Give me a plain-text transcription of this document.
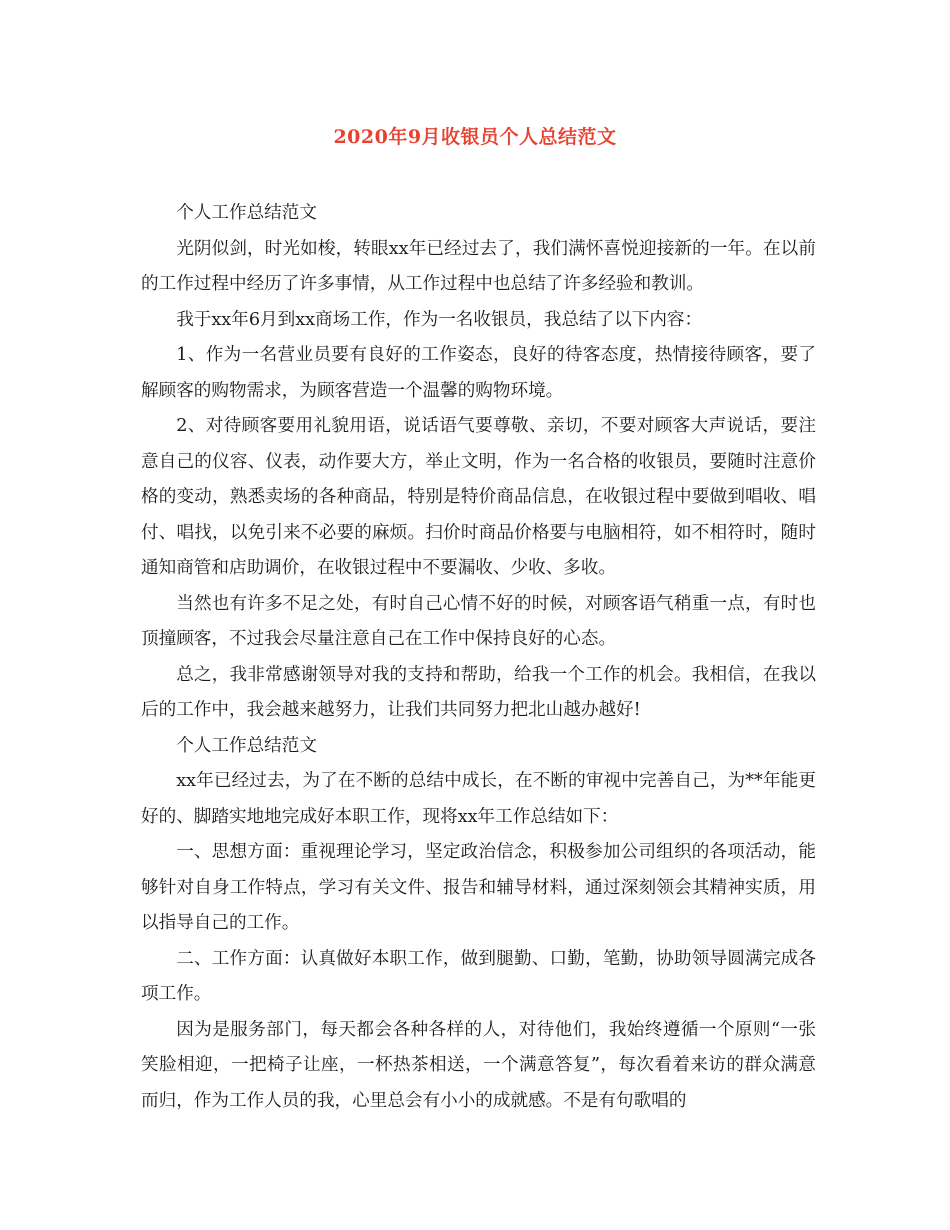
2020年9月收银员个人总结范文

个人工作总结范文

光阴似剑，时光如梭，转眼xx年已经过去了，我们满怀喜悦迎接新的一年。在以前的工作过程中经历了许多事情，从工作过程中也总结了许多经验和教训。

我于xx年6月到xx商场工作，作为一名收银员，我总结了以下内容：

1、作为一名营业员要有良好的工作姿态，良好的待客态度，热情接待顾客，要了解顾客的购物需求，为顾客营造一个温馨的购物环境。

2、对待顾客要用礼貌用语，说话语气要尊敬、亲切，不要对顾客大声说话，要注意自己的仪容、仪表，动作要大方，举止文明，作为一名合格的收银员，要随时注意价格的变动，熟悉卖场的各种商品，特别是特价商品信息，在收银过程中要做到唱收、唱付、唱找，以免引来不必要的麻烦。扫价时商品价格要与电脑相符，如不相符时，随时通知商管和店助调价，在收银过程中不要漏收、少收、多收。

当然也有许多不足之处，有时自己心情不好的时候，对顾客语气稍重一点，有时也顶撞顾客，不过我会尽量注意自己在工作中保持良好的心态。

总之，我非常感谢领导对我的支持和帮助，给我一个工作的机会。我相信，在我以后的工作中，我会越来越努力，让我们共同努力把北山越办越好!

个人工作总结范文

xx年已经过去，为了在不断的总结中成长，在不断的审视中完善自己，为**年能更好的、脚踏实地地完成好本职工作，现将xx年工作总结如下：

一、思想方面：重视理论学习，坚定政治信念，积极参加公司组织的各项活动，能够针对自身工作特点，学习有关文件、报告和辅导材料，通过深刻领会其精神实质，用以指导自己的工作。

二、工作方面：认真做好本职工作，做到腿勤、口勤，笔勤，协助领导圆满完成各项工作。

因为是服务部门，每天都会各种各样的人，对待他们，我始终遵循一个原则“一张笑脸相迎，一把椅子让座，一杯热茶相送，一个满意答复”，每次看着来访的群众满意而归，作为工作人员的我，心里总会有小小的成就感。不是有句歌唱的
